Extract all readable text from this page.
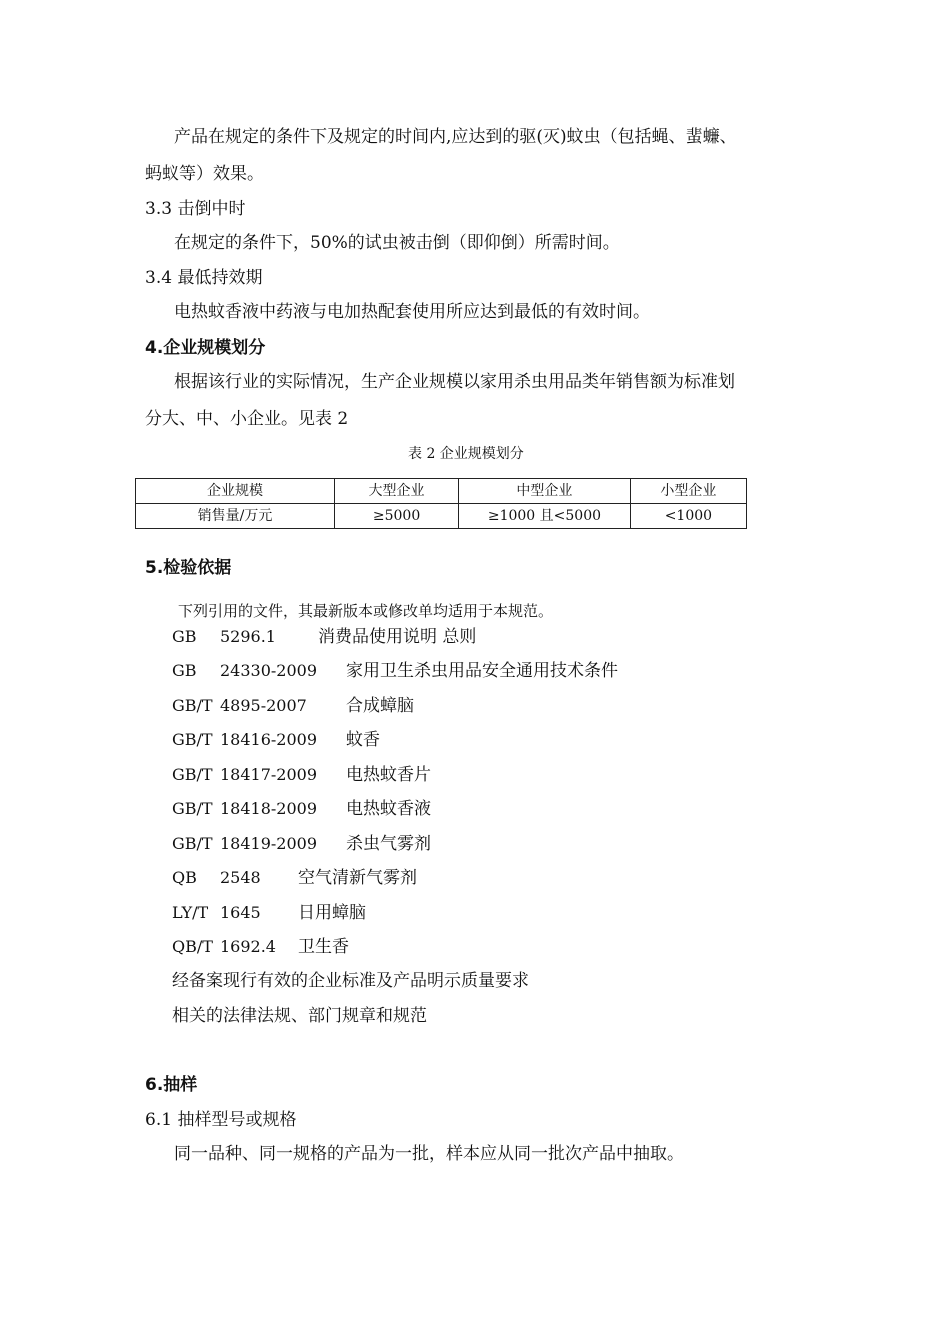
产品在规定的条件下及规定的时间内,应达到的驱(灭)蚊虫（包括蝇、蜚蠊、
蚂蚁等）效果。
3.3 击倒中时
在规定的条件下，50%的试虫被击倒（即仰倒）所需时间。
3.4 最低持效期
电热蚊香液中药液与电加热配套使用所应达到最低的有效时间。
4.企业规模划分
根据该行业的实际情况，生产企业规模以家用杀虫用品类年销售额为标准划
分大、中、小企业。见表 2
表 2 企业规模划分
企业规模	大型企业	中型企业	小型企业
销售量/万元	≥5000	≥1000 且<5000	<1000
5.检验依据
下列引用的文件，其最新版本或修改单均适用于本规范。
GB 5296.1 消费品使用说明 总则
GB 24330-2009 家用卫生杀虫用品安全通用技术条件
GB/T 4895-2007 合成蟑脑
GB/T 18416-2009 蚊香
GB/T 18417-2009 电热蚊香片
GB/T 18418-2009 电热蚊香液
GB/T 18419-2009 杀虫气雾剂
QB 2548 空气清新气雾剂
LY/T 1645 日用蟑脑
QB/T 1692.4 卫生香
经备案现行有效的企业标准及产品明示质量要求
相关的法律法规、部门规章和规范
6.抽样
6.1 抽样型号或规格
同一品种、同一规格的产品为一批，样本应从同一批次产品中抽取。
